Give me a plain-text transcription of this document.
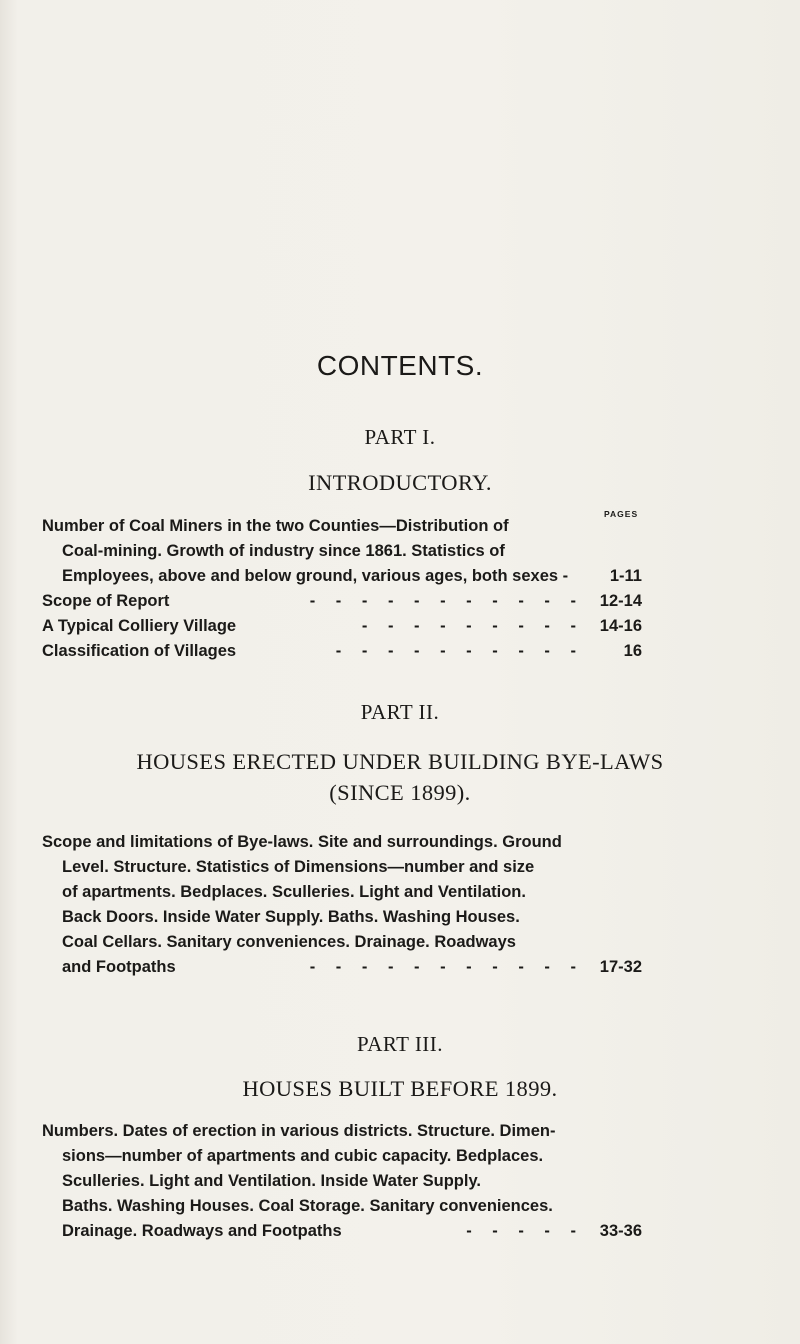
CONTENTS.
PART I.
INTRODUCTORY.
PAGES
Number of Coal Miners in the two Counties—Distribution of
Coal-mining. Growth of industry since 1861. Statistics of
Employees, above and below ground, various ages, both sexes -	1-11
Scope of Report	- - - - - - - - - - - 12-14
A Typical Colliery Village	- - - - - - - - - 14-16
Classification of Villages	- - - - - - - - - -	16
PART II.
HOUSES ERECTED UNDER BUILDING BYE-LAWS
(SINCE 1899).
Scope and limitations of Bye-laws. Site and surroundings. Ground
Level. Structure. Statistics of Dimensions—number and size
of apartments. Bedplaces. Sculleries. Light and Ventilation.
Back Doors. Inside Water Supply. Baths. Washing Houses.
Coal Cellars. Sanitary conveniences. Drainage. Roadways
and Footpaths	- - - - - - - - - - - 17-32
PART III.
HOUSES BUILT BEFORE 1899.
Numbers. Dates of erection in various districts. Structure. Dimen-
sions—number of apartments and cubic capacity. Bedplaces.
Sculleries. Light and Ventilation. Inside Water Supply.
Baths. Washing Houses. Coal Storage. Sanitary conveniences.
Drainage. Roadways and Footpaths	- - - - - 33-36
